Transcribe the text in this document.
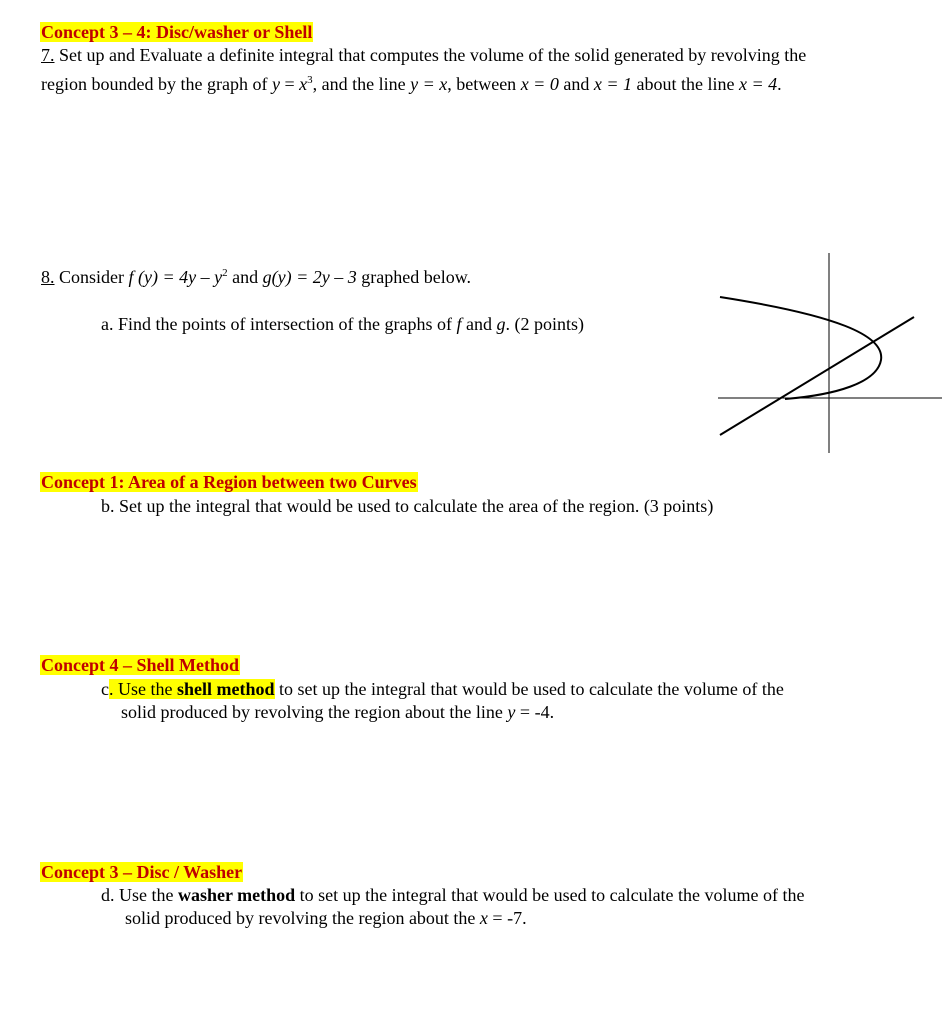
Concept 3 – 4: Disc/washer or Shell
7. Set up and Evaluate a definite integral that computes the volume of the solid generated by revolving the
region bounded by the graph of $y = x^3$, and the line y = x, between x = 0 and x = 1 about the line x = 4.
8. Consider f $(y) = 4y - y^2$ and g(y) = 2y – 3 graphed below.
a. Find the points of intersection of the graphs of f and g. (2 points)
Concept 1: Area of a Region between two Curves
b. Set up the integral that would be used to calculate the area of the region. (3 points)
Concept 4 – Shell Method
c. Use the shell method to set up the integral that would be used to calculate the volume of the
solid produced by revolving the region about the line y = -4.
Concept 3 – Disc / Washer
d. Use the washer method to set up the integral that would be used to calculate the volume of the
solid produced by revolving the region about the x = -7.
